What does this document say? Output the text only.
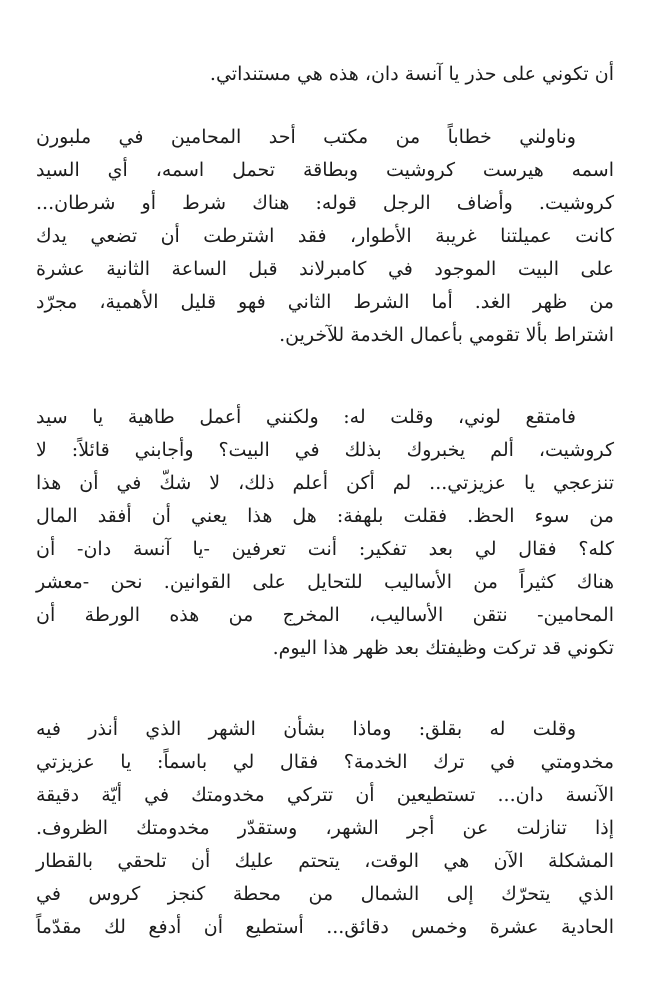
أن تكوني على حذر يا آنسة دان، هذه هي مستنداتي.

وناولني خطاباً من مكتب أحد المحامين في ملبورن
اسمه هيرست كروشيت وبطاقة تحمل اسمه، أي السيد
كروشيت. وأضاف الرجل قوله: هناك شرط أو شرطان...
كانت عميلتنا غريبة الأطوار، فقد اشترطت أن تضعي يدك
على البيت الموجود في كامبرلاند قبل الساعة الثانية عشرة
من ظهر الغد. أما الشرط الثاني فهو قليل الأهمية، مجرّد
اشتراط بألا تقومي بأعمال الخدمة للآخرين.

فامتقع لوني، وقلت له: ولكنني أعمل طاهية يا سيد
كروشيت، ألم يخبروك بذلك في البيت؟ وأجابني قائلاً: لا
تنزعجي يا عزيزتي... لم أكن أعلم ذلك، لا شكّ في أن هذا
من سوء الحظ. فقلت بلهفة: هل هذا يعني أن أفقد المال
كله؟ فقال لي بعد تفكير: أنت تعرفين -يا آنسة دان- أن
هناك كثيراً من الأساليب للتحايل على القوانين. نحن -معشر
المحامين- نتقن الأساليب، المخرج من هذه الورطة أن
تكوني قد تركت وظيفتك بعد ظهر هذا اليوم.

وقلت له بقلق: وماذا بشأن الشهر الذي أنذر فيه
مخدومتي في ترك الخدمة؟ فقال لي باسماً: يا عزيزتي
الآنسة دان... تستطيعين أن تتركي مخدومتك في أيّة دقيقة
إذا تنازلت عن أجر الشهر، وستقدّر مخدومتك الظروف.
المشكلة الآن هي الوقت، يتحتم عليك أن تلحقي بالقطار
الذي يتحرّك إلى الشمال من محطة كنجز كروس في
الحادية عشرة وخمس دقائق... أستطيع أن أدفع لك مقدّماً
